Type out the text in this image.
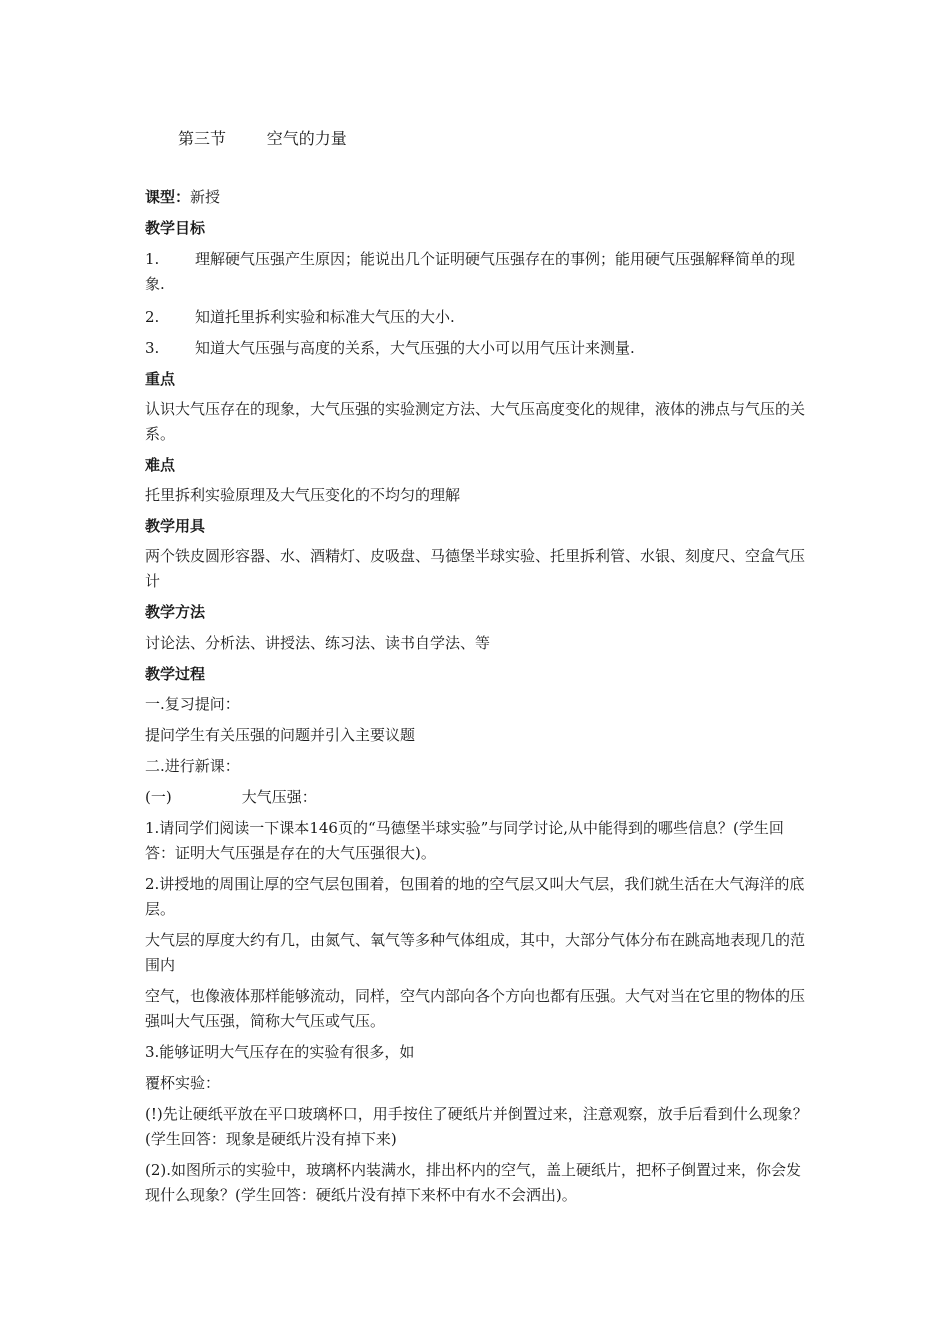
第三节	空气的力量

课型：新授

教学目标

1. 理解硬气压强产生原因；能说出几个证明硬气压强存在的事例；能用硬气压强解释简单的现象.

2. 知道托里拆利实验和标准大气压的大小.

3. 知道大气压强与高度的关系，大气压强的大小可以用气压计来测量.

重点

认识大气压存在的现象，大气压强的实验测定方法、大气压高度变化的规律，液体的沸点与气压的关系。

难点

托里拆利实验原理及大气压变化的不均匀的理解

教学用具

两个铁皮圆形容器、水、酒精灯、皮吸盘、马德堡半球实验、托里拆利管、水银、刻度尺、空盒气压计

教学方法

讨论法、分析法、讲授法、练习法、读书自学法、等

教学过程

一.复习提问：

提问学生有关压强的问题并引入主要议题

二.进行新课：

(一)	大气压强：

1.请同学们阅读一下课本146页的“马德堡半球实验”与同学讨论,从中能得到的哪些信息？(学生回答：证明大气压强是存在的大气压强很大)。

2.讲授地的周围让厚的空气层包围着，包围着的地的空气层又叫大气层，我们就生活在大气海洋的底层。

大气层的厚度大约有几，由氮气、氧气等多种气体组成，其中，大部分气体分布在跳高地表现几的范围内

空气，也像液体那样能够流动，同样，空气内部向各个方向也都有压强。大气对当在它里的物体的压强叫大气压强，简称大气压或气压。

3.能够证明大气压存在的实验有很多，如

覆杯实验：

(!)先让硬纸平放在平口玻璃杯口，用手按住了硬纸片并倒置过来，注意观察，放手后看到什么现象？(学生回答：现象是硬纸片没有掉下来)

(2).如图所示的实验中，玻璃杯内装满水，排出杯内的空气，盖上硬纸片，把杯子倒置过来，你会发现什么现象？(学生回答：硬纸片没有掉下来杯中有水不会洒出)。
